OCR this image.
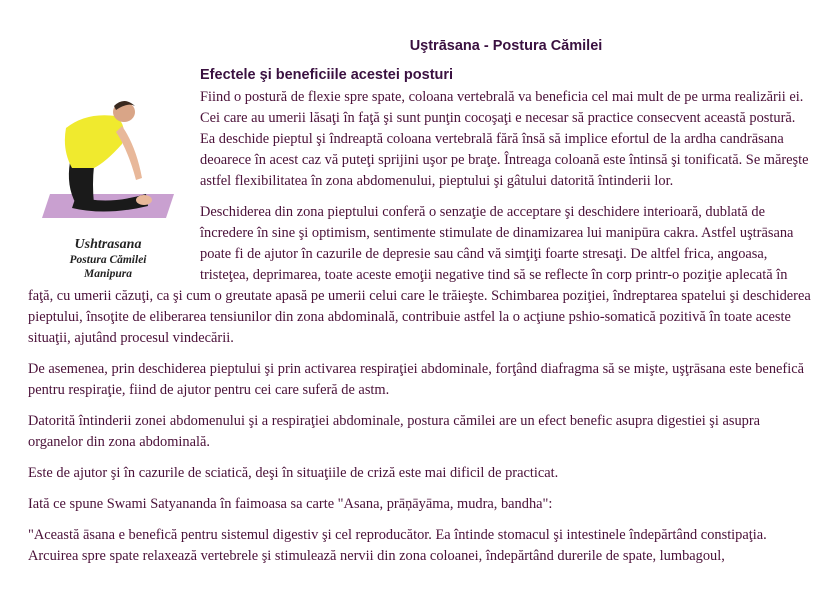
Uştrāsana - Postura Cămilei
Ushtrasana
Postura Cămilei
Manipura
Efectele şi beneficiile acestei posturi

Fiind o postură de flexie spre spate, coloana vertebrală va beneficia cel mai mult de pe urma realizării ei. Cei care au umerii lăsaţi în faţă şi sunt punţin cocoşaţi e necesar să practice consecvent această postură. Ea deschide pieptul şi îndreaptă coloana vertebrală fără însă să implice efortul de la ardha candrāsana deoarece în acest caz vă puteţi sprijini uşor pe braţe. Întreaga coloană este întinsă şi tonificată. Se măreşte astfel flexibilitatea în zona abdomenului, pieptului şi gâtului datorită întinderii lor.

Deschiderea din zona pieptului conferă o senzaţie de acceptare şi deschidere interioară, dublată de încredere în sine şi optimism, sentimente stimulate de dinamizarea lui manipūra cakra. Astfel uştrāsana poate fi de ajutor în cazurile de depresie sau când vă simţiţi foarte stresaţi. De altfel frica, angoasa, tristeţea, deprimarea, toate aceste emoţii negative tind să se reflecte în corp printr-o poziţie aplecată în faţă, cu umerii căzuţi, ca şi cum o greutate apasă pe umerii celui care le trăieşte. Schimbarea poziţiei, îndreptarea spatelui şi deschiderea pieptului, însoţite de eliberarea tensiunilor din zona abdominală, contribuie astfel la o acţiune pshio-somatică pozitivă în toate aceste situaţii, ajutând procesul vindecării.

De asemenea, prin deschiderea pieptului şi prin activarea respiraţiei abdominale, forţând diafragma să se mişte, uşţrāsana este benefică pentru respiraţie, fiind de ajutor pentru cei care suferă de astm.

Datorită întinderii zonei abdomenului şi a respiraţiei abdominale, postura cămilei are un efect benefic asupra digestiei şi asupra organelor din zona abdominală.

Este de ajutor şi în cazurile de sciatică, deşi în situaţiile de criză este mai dificil de practicat.

Iată ce spune Swami Satyananda în faimoasa sa carte "Asana, prāņāyāma, mudra, bandha":

"Această āsana e benefică pentru sistemul digestiv şi cel reproducător. Ea întinde stomacul şi intestinele îndepărtând constipaţia. Arcuirea spre spate relaxează vertebrele şi stimulează nervii din zona coloanei, îndepărtând durerile de spate, lumbagoul,
